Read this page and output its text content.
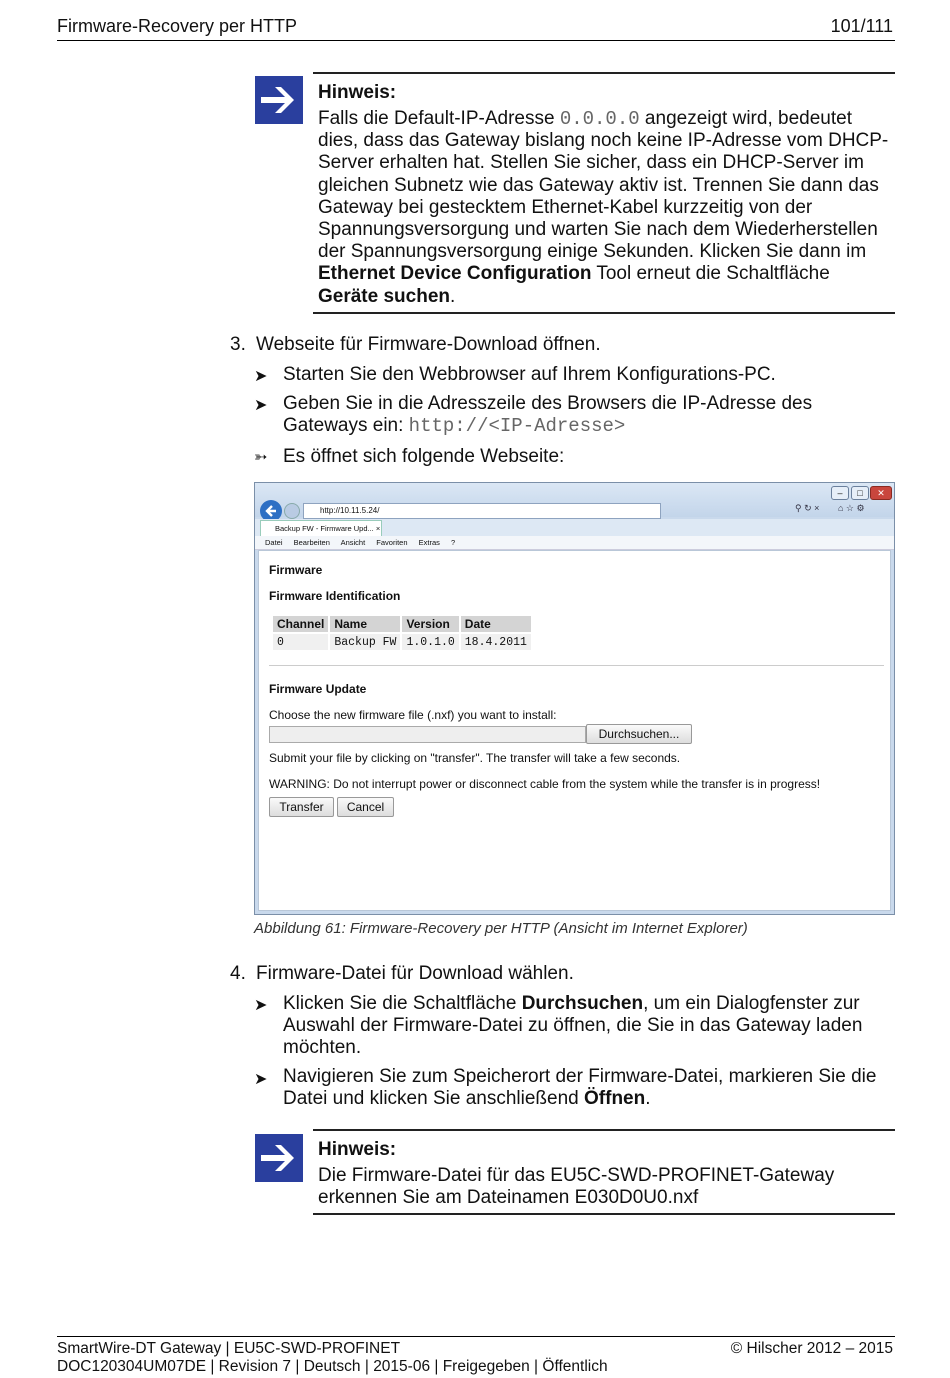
Firmware-Recovery per HTTP	101/111
Hinweis:
Falls die Default-IP-Adresse 0.0.0.0 angezeigt wird, bedeutet
dies, dass das Gateway bislang noch keine IP-Adresse vom DHCP-
Server erhalten hat. Stellen Sie sicher, dass ein DHCP-Server im
gleichen Subnetz wie das Gateway aktiv ist. Trennen Sie dann das
Gateway bei gestecktem Ethernet-Kabel kurzzeitig von der
Spannungsversorgung und warten Sie nach dem Wiederherstellen
der Spannungsversorgung einige Sekunden. Klicken Sie dann im
Ethernet Device Configuration Tool erneut die Schaltfläche
Geräte suchen.
3. Webseite für Firmware-Download öffnen.
➤ Starten Sie den Webbrowser auf Ihrem Konfigurations-PC.
➤ Geben Sie in die Adresszeile des Browsers die IP-Adresse des
Gateways ein: http://<IP-Adresse>
➳ Es öffnet sich folgende Webseite:
–	□	✕
http://10.11.5.24/	⚲ ↻ × ⌂ ☆ ⚙
Backup FW - Firmware Upd... ×
Datei Bearbeiten Ansicht Favoriten Extras ?
Firmware
Firmware Identification
Channel	Name	Version	Date
0	Backup FW	1.0.1.0	18.4.2011
Firmware Update
Choose the new firmware file (.nxf) you want to install:
Durchsuchen...
Submit your file by clicking on "transfer". The transfer will take a few seconds.
WARNING: Do not interrupt power or disconnect cable from the system while the transfer is in progress!
Transfer	Cancel
Abbildung 61: Firmware-Recovery per HTTP (Ansicht im Internet Explorer)
4. Firmware-Datei für Download wählen.
➤ Klicken Sie die Schaltfläche Durchsuchen, um ein Dialogfenster zur
Auswahl der Firmware-Datei zu öffnen, die Sie in das Gateway laden
möchten.
➤ Navigieren Sie zum Speicherort der Firmware-Datei, markieren Sie die
Datei und klicken Sie anschließend Öffnen.
Hinweis:
Die Firmware-Datei für das EU5C-SWD-PROFINET-Gateway
erkennen Sie am Dateinamen E030D0U0.nxf
SmartWire-DT Gateway | EU5C-SWD-PROFINET
DOC120304UM07DE | Revision 7 | Deutsch | 2015-06 | Freigegeben | Öffentlich
© Hilscher 2012 – 2015
